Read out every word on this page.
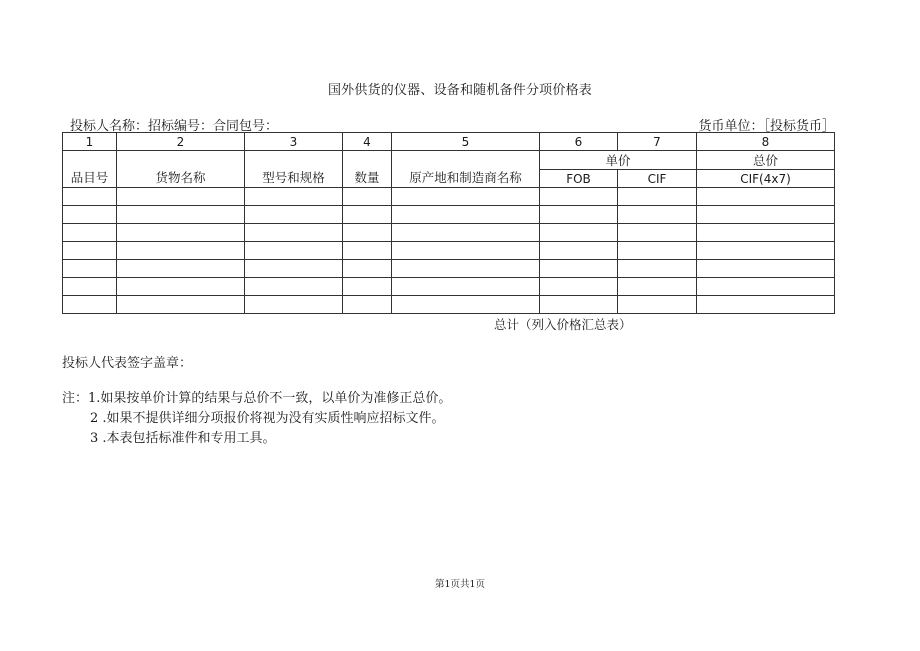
国外供货的仪器、设备和随机备件分项价格表
投标人名称：招标编号：合同包号：	货币单位：［投标货币］
1	2	3	4	5	6	7	8
品目号	货物名称	型号和规格	数量	原产地和制造商名称	单价		总价
					FOB	CIF	CIF(4x7)

总计（列入价格汇总表）
投标人代表签字盖章：
注：1.如果按单价计算的结果与总价不一致，以单价为准修正总价。
2 .如果不提供详细分项报价将视为没有实质性响应招标文件。
3 .本表包括标准件和专用工具。
第1页共1页
